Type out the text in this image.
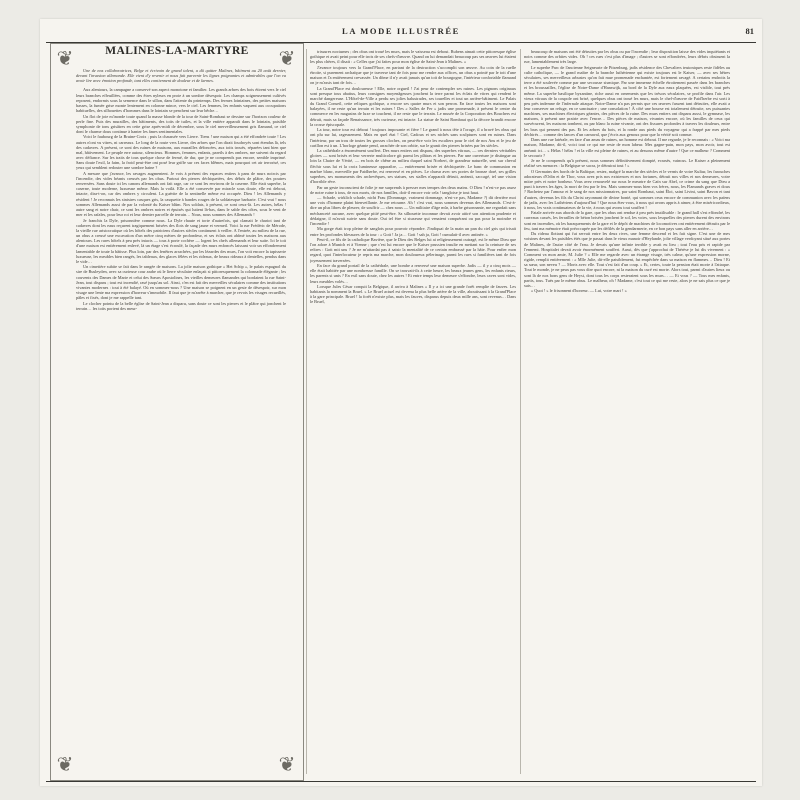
LA MODE ILLUSTRÉE	81
❦	❦
❦	❦
MALINES-LA-MARTYRE

Une de nos collaboratrices, Belge et écrivain de grand talent, a dû quitter Malines, bâtiment au 20 août dernier, devant l'invasion allemande. Elle vient d'y revenir et nous fait parvenir les lignes poignantes et admirables que l'on va avoir lire avec émotion profonde, tant elles contiennent de douleur et de larmes.

Aux alentours, la campagne a conservé son aspect monotone et familier. Les grands arbres des bois étirent vers le ciel leurs branches effeuillées, comme des êtres nyleurs en proie à un sombre désespoir. Les champs soigneusement cultivés reposent, endormis sous la semence dans le sillon, dans l'attente du printemps. Des fermes lointaines, des petites maisons basses, la fumée grise monte lentement en colonne mince, vers le ciel. Les femmes, les enfants vaquent aux occupations habituelles, des silhouettes d'hommes dans le lointain se penchent sur leur bêche…

Un flot de joie m'inonde toute quand la masse blonde de la tour de Saint-Rombaut se dessine sur l'horizon couleur de perle fine. Puis des murailles, des bâtiments, des toits de tuiles, et la ville entière apparaît dans le lointain, paisible symphonie de tons grisâtres en cette grise après-midi de décembre, sous le ciel merveilleusement gris flamand, ce ciel dont le charme doux continue à hanter les âmes sentimentales.

Voici le faubourg de la Bruine-Croix ; puis la chaussée vers Lierre. Tiens ! une maison qui a été effondrée toute ! Les autres n'ont vu vitres, ni carreaux. Le long de la route vers Lierre, des arbres que l'on dirait foudroyés sont étendus là, tels des cadavres. A présent, ce sont des ruines de maisons, aux murailles défoncées, aux toits troués, réparées tant bien que mal, hâtivement. Le peuple erre autour, silencieux. Hommes, femmes, enfants, pareils à des ombres, me suivent du regard avec défiance. Sur les traits de tous quelque chose de fermé, de dur, que je ne comprends pas encore, semble imprimé. Sans doute l'exil, la faim, la froid peut-être ont posé leur griffe sur ces faces blêmes, mais pourquoi cet air terrorisé, ces yeux qui semblent redouter une sombre haine ?

A mesure que j'avance, les ravages augmentent. Je vois à présent des espaces entiers à pans de murs noircis par l'incendie, des vides béants creusés par les obus. Partout des pierres déchiquetées, des débris de plâtre, des poutres renversées. Sans doute ici les canons allemands ont fait rage, car ce sont les environs de la caserne. Elle était superbe, la caserne, toute moderne, luxueuse même. Mais la voilà. Elle a été conservée par miracle sous doute, elle est debout, intacte, dira-t-on, car des ombres y circulent. La guérite de la sentinelle même est occupée. Dieu ! les Allemands y résident ! Je reconnais les sinistres casques gris, la casquette à bandes rouges de la soldatesque barbarie. C'est vrai ! nous sommes Allemands aussi de par la volonté du Kaiser blûm. Nos soldats, à présent, ce sont ceux-là. Les autres, hélas ! autre sang et notre chair, ce sont les ombres noires et épuisés qui luttent là-bas, dans le sable des côtes, sous le vent de mer et les rafales, pour leur roi et leur dernier parcelle de terrain… Nous, nous sommes des Allemands !

Je franchis la Dyle, prisonnière comme nous. La Dyle rhaute et torte d'autrefois, qui clamait le chariot tant de cadavres dont les eaux reçurent tragiquement brisées des flots de sang jaune et vermeil. Voici la rue Frédéric de Mérode, la vieille rue aristocratique où les hôtels des patriciens d'autres siècles continuent à veiller. A l'entrée, au milieu de la rue, un obus a creusé une excavation d'un mètre cinq mètres de profondeur, et ses éclats ont abîmé toutes les maisons aux alentours. Les rares hôtels à peu près intacts — tous à porte cochère — logent les chefs allemands et leur suite. Ici le toit d'une maison est entièrement enlevé, là un étage s'est écroulé, la façade des murs enfoncés laissant voir un effondrement lamentable de toute la bâtisse. Plus loin, par des fenêtres arrachées, par les lézardes des murs, l'on voit encore la tapisserie luxueuse, les meubles bien rangés, les tableaux, des glaces fêlées et les rideaux, de beaux rideaux à dentelles, pendus dans le vide…

Un cimetière subite se fait dans le rangée de maisons. La jolie maison gothique « Het Schip », le palais espagnol du sire de Busleyden, avec sa curieuse cour arabe où le lierre séculaire enlaçait si pittoresquement la colonnade élégante ; les couvents des Dames de Marie et celui des Sœurs Apostolines, les vieilles demeures flamandes qui bordaient la rue Saint-Jean, tout disparu ; tout est incendié, rasé jusqu'au sol. Ainsi, c'en est fait des merveilles séculaires comme des institutions vivantes modernes : tout à été balayé. Où en sommes-nous ? Une maison se poignent en un geste de désespoir, sur mon visage une lente ma expression d'horreur s'immobile. Il faut que je m'arrête à marcher, que je revois les visages recueillés, pâles et fixés, dont je me rappelle tant.

Le clocher pointu de la belle église de Saint-Jean a disparu, sans doute ce sont les pierres et le plâtre qui jonchent le terrain… les toits portent des meur-

trissures nocturnes ; des obus ont troué les murs, mais le vaisseau est debout. Rubens aimait cette pittoresque église gothique et avait peint pour elle trois de ses chefs-d'œuvre. Quand on lui demandait beaucoup pas ses œuvres lui étaient les plus chères, il disait : « Celles que j'ai faites pour mon église de Saint-Jean à Malines. »

J'avance toujours vers la Grand'Place, en partant de la destruction s'accomplit son œuvre. Au coin de la ruelle étroite, si purement archaïque que je traverse tant de fois pour me rendre aux offices, un obus a pointé par le toit d'une maison et l'a entièrement crevassée. Un dôme il n'y avait jamais qu'un toit de bourgogne, l'intérieur confortable flamand on je m'assis tant de fois…

La Grand'Place est douloureuse ! Elle, notre orgueil ! J'ai peur de contempler ses ruines. Les pignons originaux sont presque tous abattus, leurs consignes moyenâgeuses jonchent la terre parmi les éclats de vitres qui rendent le marché dangereuse. L'Hôtel-de-Ville a perdu ses jolies balustrades, ses tourelles et tout un arrière-bâtiment. Le Palais du Grand Conseil, cette reliques gothique, a encore ses quatre murs et son perron. En face toutes les maisons sont balayées, il ne reste qu'un terrain et les ruines ! Des « Salles de Fer » jadis une promenade, à présent le centre du commerce en les magasins de luxe se touchent, il ne reste que le terrain. Le musée de la Corporation des Bouchers est détruit, mais sa façade Renaissance, très curieuse, est intacte. La statue de Saint Rombaut qui la décore brandit encore la crosse épiscopale.

La tour, notre tour est debout ! toujours imposante et fière ! Le grand à nous tête à l'orage, il a bravé les obus qui ont plu sur lui, rageusement. Mais en quel état ! Ciel, Cadoux et ses nichés sans sculptures sont en ruines. Dans l'intérieur, par un trou de toutes les grosses cloches, on peut-être voir les escaliers pour le ciel de nos Ans et le jeu de carillon est à un. L'horloge géante pend, arrachée de son orbite, sur le granit des pierres brisées par les siècles.

La cathédrale a énormément souffert. Des murs entiers ont disparu, des superbes vitraux, — ces derniers véritables gloires — sont brisés et leur verrerie multicolore git parmi les plâtras et les pierres. Par une ouverture je distingue au loin la Chaire de Vérité, — en bois de chêne au milieu duquel saint Norbert, de grandeur naturelle, sent sur cheval fléchir sous lui et la croix lumineuse apparaître, — entièrement brisée et déchiquetée. Le banc de communion en marbre blanc, merveille par Faidherbe, est renversé et en pièces. Le chœur avec ses portes de bronze doré, ses grilles superbes, ses monuments des archevêques, ses statues, ses stalles n'apparaît détruit, anéanti, saccagé, tel une vision d'horrible rêve.

Par un geste inconscient de folie je me surprends à presser mes tempes des deux mains. O Dieu ! n'est-ce pas assez de notre ruine à tous, de nos morts, de nos familles, doit-il encore voir cela ! tangloise je tout haut.

— Schade, wirklich schade, nicht Frau (Dommage, vraiment dommage, n'est-ce pas, Madame ?) dit derrière moi une voix d'homme plaint bienveillante. Je me retourne. Ah ! c'est vrai, nous sommes devenus des Allemands. C'est-à-dire un plus libres de pleurer, de souffrir — chez nous — Un militaire d'âge mûr, à barbe grisonnante, me regardait sans méchanceté aucune, avec quelque pitié peut-être. Sa silhouette inconnue devait avoir attiré son attention prudente et dédaigne, il m'avait suivie sans doute. Oui tel être si stuxeuse qui venaient conquérant ou pas pour la moindre et l'incendie !

Ma gorge était trop pleine de sanglots pour pouvoir répondre. J'indiquai de la main un pan du ciel gris qui irisait entre les profondes blessures de la tour : « Gott ! Ja ja… Gott ! sah ja, Gott ! cumulait-il avec antinée. »

Peut-il, ce fils de la catholique Bavière, que le Dieu des Belges lui ai religieusement outragé, est le même Dieu que l'on adore à Munich et à Vienne ; que c'est lui encore que le Kaiser prussien insulte en mettant sur la ceinture de ses reîtres : Gott mit uns ? Je ne m'attardai pas à saisir la mentalité de ce certain embrassé par la hâte. Pour enfier mon regard, quoi l'interlocuteur je repris ma marche, mon douloureux pèlerinage, parmi les rues si familières tant de fois joyeusement traversées.

En face du grand portail de la cathédrale, une bombe a renversé une maison superbe. Jadis — il y a cinq mois — elle était habitée par une nombreuse famille. On se trouvait-ils à cette heure, les beaux jeunes gens, les enfants rieurs, les parents si unis ? En exil sans doute, chez les autres ! Et entre temps leur demeure s'effondre, leurs caves sont vides, leurs meubles volés…

Lorsque Jules César conquit la Belgique, il arriva à Malines « Il y a ici une grande forêt remplie de fauves. Les habitants la nomment la Bruel. » Le Bruel actuel est devenu la plus belle artère de la ville, aboutissant à la Grand'Place à la gare principale. Bruel ! la forêt n'existe plus, mais les fauves, disparus depuis deux mille ans, sont revenus… Dans le Bruel,

beaucoup de maisons ont été détruites par les obus ou par l'incendie ; leur disposition laisse des vides inquiétants et noirs comme des orbites vides. Oh ! ces rues c'est plus d'image ; d'autres se sont effondrées, leurs débris obstruent la rue, lamentablement très large.

Le superbe Parc de l'ancienne Seigneurie de Pitsenburg, jadis résidence des Chevaliers teutoniques reste fidèles au culte catholique, — le grand maître de la branche luthérienne qui existe toujours est le Kaiser, — avec ses hêtres séculaires, ses merveilleux arbustes qu'on fait mue promenade enchantée, est fortement ravagé. A certains endroits la terre a été soulevée comme par une secousse sismique. Par une immense échelle étroitement passée dans les branches et les broussailles, l'église de Notre-Dame d'Hanswijk, au bord de la Dyle aux eaux plaquées, est visible, tout près même. La superbe basilique byzantine, riche aussi en ornements que les trésors séculaires, se profile dans l'air. Les vieux vitraux de la coupole ont brisé, quelques obus ont troué les murs, mais le chef-d'œuvre de Faid'herbe est sorti à peu près indemne de l'infernale attaque. Notre-Dame n'a pas permis que ces œuvres fussent tant détruites, elle avait a leur conserver un refuge, en ce sanctuaire ; une consolation ! À côté une bourse est totalement détruite, ses puissantes machines, ses machines électriques géantes, des pièces de la ruine. Des murs entiers ont disparu aussi, le gymnase, les maisons, à présent une prairie avec l'encre… Des pièces de maison, vivantes encore, où les familles de ceux qui survécurent, les maisons tombent, ou par blanc la ruine vivante, ont des fissures profondes à travers les douleurs, entre les bras qui pensent des pas. Et les arbres du bois, et la ronde aux pieds du voyageur qui a frappé par mes pieds déchirés… comme des lances d'un carnaval, que j'écris aux genoux pour que la vérité soit connue.

Dans une rue latérale, en face d'un amas de ruines, un homme est debout. Il me regarde, je le reconnais : « Voici ma maison, Madame, dit-il, voici tout ce qui me reste de mon labeur. Mes gagne-pain, mon pays, mon avoir, tout est anéanti ici… » Hélas ! hélas ! et la ville est pleine de ruines, et au dessous même d'autre ! Que ce malheur ? Comment le secourir ?

Je ne le comprends qu'à présent, nous sommes définitivement dompté, ecrasés, vaincus. Le Kaiser a pleinement réalisé ses menaces : la Belgique se sacra, je détruirai tout ! »

O Germains des bords de la Baltique, restez, malgré la marche des siècles et le vernis de votre Kultur, les farouches adorateurs d'Odin et de Thor, vous avez pris nos existences et nos fortunes, détruit nos villes et nos demeures, votre mitre près et notre bonheur. Vous avez renouvelé sur nous le meurtre de Caïn sur Abel, ce crime du sang que Dieu a puni à travers les âges, la mort de feu par le feu. Mais sommes-nous bien vos frères, nous, les Flamands graves et doux ? Rachetez par l'amour et le sang de nos missionnaires, par saint Rombaut, saint Éloi, saint Livini, saint Bavon et tant d'autres, devenus les fils du Christ rayonnant de divine bonté, qui sommes ceux encore de communion avec les païens de jadis, avec les Luthériens d'aujourd'hui ! Que nous êtes-vous, à nous qui avons appris à aimer, à être miséricordieux, à nous, les vrais continuateurs de la vie, à nous qui avons tout souffert !

Fatale arrivée aux abords de la gare, que les obus ont rendue à peu près inutilisable : le grand hall s'est effondré, les carreaux cassés, les ferrailles de béton brisées jonchent le sol, les voies, sous lesquelles des pierres durent des environs sont en incendies, où les baraquements de la gare et le dépôt de machines de locomotives ont entièrement détruits par le feu, tant ma mémoire était préoccupée par les défilés de la gendarmerie, en ce bon pays sans aller en arrière…

Du rideau flottant qui fut servait entre les deux rives, une femme descend et les fait signe. C'est une de mes voisines devant les paisibles étés que je passai dans le vieux manoir d'Heylande, jolie village verdoyant situé aux portes de Malines, de l'autre côté de l'eau. Je devais qu'une infinie terrible y avait eu lieu ; tout l'eau pris et rapide par l'ennemi. Hospitalet devait avoir énormément souffert. Aussi, dès que j'approchai de Thérèse je lui dis vivement : « Comment va mon amie, M. Julie ? » Elle me regarde avec un étrange visage, très calme, qu'une expression morne, rigide, remplit entièrement : « Mlle Julie, dit-elle paisiblement, fut empêchée dans sa maison en flammes… Dieu ! Et sa sœur, son neveu ? — Morts avec elle. Tout s'est fait d'un coup. » Et, certes, toute la pension était morte à l'attaque. Tout le monde, je ne peux pas vous dire quoi encore, ni la maison du curé est morte. Alors tout, parmi d'autres lieux ou sont là de nos bons gens de Heyst, dont tous les corps resteraient sous les murs… — Et vous ? — Tous mes enfants, partis, tous. Tués par le même obus. Le malheur, oh ! Madame, c'est tout ce qui me reste, alors je ne sais plus ce que je suis…

« Quoi ! » le frisonnent d'horreur. — Lui, votre mari ! »
